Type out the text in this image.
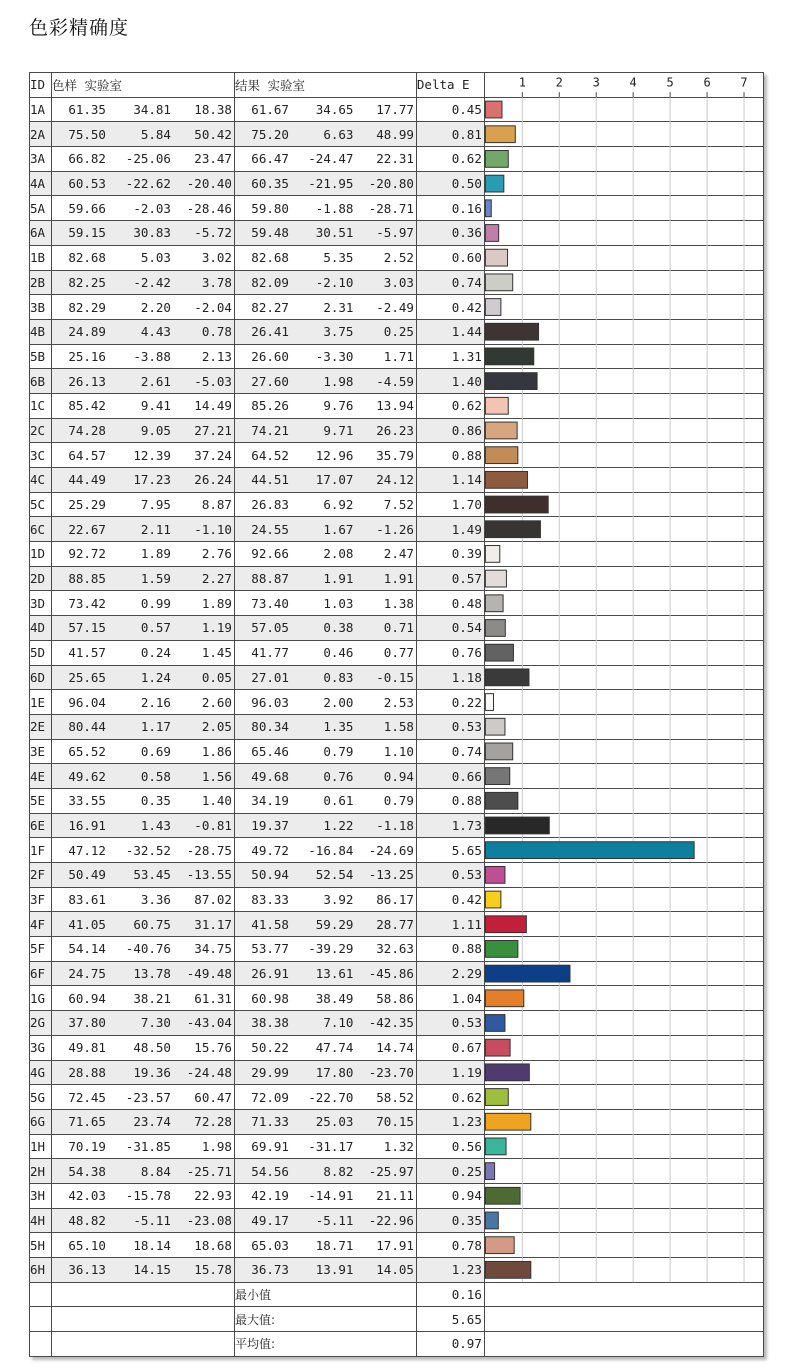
色彩精确度
ID	色样 实验室	结果 实验室	Delta E	
1A	61.35 34.81 18.38	61.67 34.65 17.77	0.45	
2A	75.50 5.84 50.42	75.20 6.63 48.99	0.81	
3A	66.82 -25.06 23.47	66.47 -24.47 22.31	0.62	
4A	60.53 -22.62 -20.40	60.35 -21.95 -20.80	0.50	
5A	59.66 -2.03 -28.46	59.80 -1.88 -28.71	0.16	
6A	59.15 30.83 -5.72	59.48 30.51 -5.97	0.36	
1B	82.68 5.03 3.02	82.68 5.35 2.52	0.60	
2B	82.25 -2.42 3.78	82.09 -2.10 3.03	0.74	
3B	82.29 2.20 -2.04	82.27 2.31 -2.49	0.42	
4B	24.89 4.43 0.78	26.41 3.75 0.25	1.44	
5B	25.16 -3.88 2.13	26.60 -3.30 1.71	1.31	
6B	26.13 2.61 -5.03	27.60 1.98 -4.59	1.40	
1C	85.42 9.41 14.49	85.26 9.76 13.94	0.62	
2C	74.28 9.05 27.21	74.21 9.71 26.23	0.86	
3C	64.57 12.39 37.24	64.52 12.96 35.79	0.88	
4C	44.49 17.23 26.24	44.51 17.07 24.12	1.14	
5C	25.29 7.95 8.87	26.83 6.92 7.52	1.70	
6C	22.67 2.11 -1.10	24.55 1.67 -1.26	1.49	
1D	92.72 1.89 2.76	92.66 2.08 2.47	0.39	
2D	88.85 1.59 2.27	88.87 1.91 1.91	0.57	
3D	73.42 0.99 1.89	73.40 1.03 1.38	0.48	
4D	57.15 0.57 1.19	57.05 0.38 0.71	0.54	
5D	41.57 0.24 1.45	41.77 0.46 0.77	0.76	
6D	25.65 1.24 0.05	27.01 0.83 -0.15	1.18	
1E	96.04 2.16 2.60	96.03 2.00 2.53	0.22	
2E	80.44 1.17 2.05	80.34 1.35 1.58	0.53	
3E	65.52 0.69 1.86	65.46 0.79 1.10	0.74	
4E	49.62 0.58 1.56	49.68 0.76 0.94	0.66	
5E	33.55 0.35 1.40	34.19 0.61 0.79	0.88	
6E	16.91 1.43 -0.81	19.37 1.22 -1.18	1.73	
1F	47.12 -32.52 -28.75	49.72 -16.84 -24.69	5.65	
2F	50.49 53.45 -13.55	50.94 52.54 -13.25	0.53	
3F	83.61 3.36 87.02	83.33 3.92 86.17	0.42	
4F	41.05 60.75 31.17	41.58 59.29 28.77	1.11	
5F	54.14 -40.76 34.75	53.77 -39.29 32.63	0.88	
6F	24.75 13.78 -49.48	26.91 13.61 -45.86	2.29	
1G	60.94 38.21 61.31	60.98 38.49 58.86	1.04	
2G	37.80 7.30 -43.04	38.38 7.10 -42.35	0.53	
3G	49.81 48.50 15.76	50.22 47.74 14.74	0.67	
4G	28.88 19.36 -24.48	29.99 17.80 -23.70	1.19	
5G	72.45 -23.57 60.47	72.09 -22.70 58.52	0.62	
6G	71.65 23.74 72.28	71.33 25.03 70.15	1.23	
1H	70.19 -31.85 1.98	69.91 -31.17 1.32	0.56	
2H	54.38 8.84 -25.71	54.56 8.82 -25.97	0.25	
3H	42.03 -15.78 22.93	42.19 -14.91 21.11	0.94	
4H	48.82 -5.11 -23.08	49.17 -5.11 -22.96	0.35	
5H	65.10 18.14 18.68	65.03 18.71 17.91	0.78	
6H	36.13 14.15 15.78	36.73 13.91 14.05	1.23	
		最小值	0.16	
		最大值:	5.65	
		平均值:	0.97	
1 2 3 4 5 6 7
